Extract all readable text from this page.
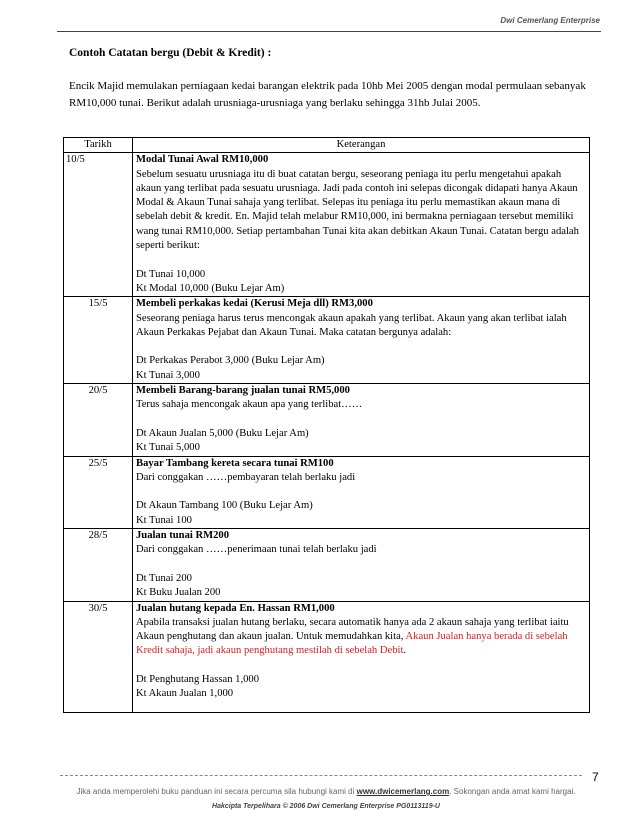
Dwi Cemerlang Enterprise
Contoh Catatan bergu (Debit & Kredit) :
Encik Majid memulakan perniagaan kedai barangan elektrik pada 10hb Mei 2005 dengan modal permulaan sebanyak RM10,000 tunai. Berikut adalah urusniaga-urusniaga yang berlaku sehingga 31hb Julai 2005.
Tarikh	Keterangan
10/5	Modal Tunai Awal RM10,000
Sebelum sesuatu urusniaga itu di buat catatan bergu, seseorang peniaga itu perlu mengetahui apakah akaun yang terlibat pada sesuatu urusniaga. Jadi pada contoh ini selepas dicongak didapati hanya Akaun Modal & Akaun Tunai sahaja yang terlibat. Selepas itu peniaga itu perlu memastikan akaun mana di sebelah debit & kredit. En. Majid telah melabur RM10,000, ini bermakna perniagaan tersebut memiliki wang tunai RM10,000. Setiap pertambahan Tunai kita akan debitkan Akaun Tunai. Catatan bergu adalah seperti berikut:
Dt Tunai 10,000
Kt Modal 10,000 (Buku Lejar Am)

15/5	Membeli perkakas kedai (Kerusi Meja dll) RM3,000
Seseorang peniaga harus terus mencongak akaun apakah yang terlibat. Akaun yang akan terlibat ialah Akaun Perkakas Pejabat dan Akaun Tunai. Maka catatan bergunya adalah:
Dt Perkakas Perabot 3,000 (Buku Lejar Am)
Kt Tunai 3,000

20/5	Membeli Barang-barang jualan tunai RM5,000
Terus sahaja mencongak akaun apa yang terlibat……
Dt Akaun Jualan 5,000 (Buku Lejar Am)
Kt Tunai 5,000

25/5	Bayar Tambang kereta secara tunai RM100
Dari conggakan ……pembayaran telah berlaku jadi
Dt Akaun Tambang 100 (Buku Lejar Am)
Kt Tunai 100

28/5	Jualan tunai RM200
Dari conggakan ……penerimaan tunai telah berlaku jadi
Dt Tunai 200
Kt Buku Jualan 200

30/5	Jualan hutang kepada En. Hassan RM1,000
Apabila transaksi jualan hutang berlaku, secara automatik hanya ada 2 akaun sahaja yang terlibat iaitu Akaun penghutang dan akaun jualan. Untuk memudahkan kita, Akaun Jualan hanya berada di sebelah Kredit sahaja, jadi akaun penghutang mestilah di sebelah Debit.
Dt Penghutang Hassan 1,000
Kt Akaun Jualan 1,000
7
Jika anda memperolehi buku panduan ini secara percuma sila hubungi kami di www.dwicemerlang.com. Sokongan anda amat kami hargai. Hakcipta Terpelihara © 2006 Dwi Cemerlang Enterprise PG0113119-U
